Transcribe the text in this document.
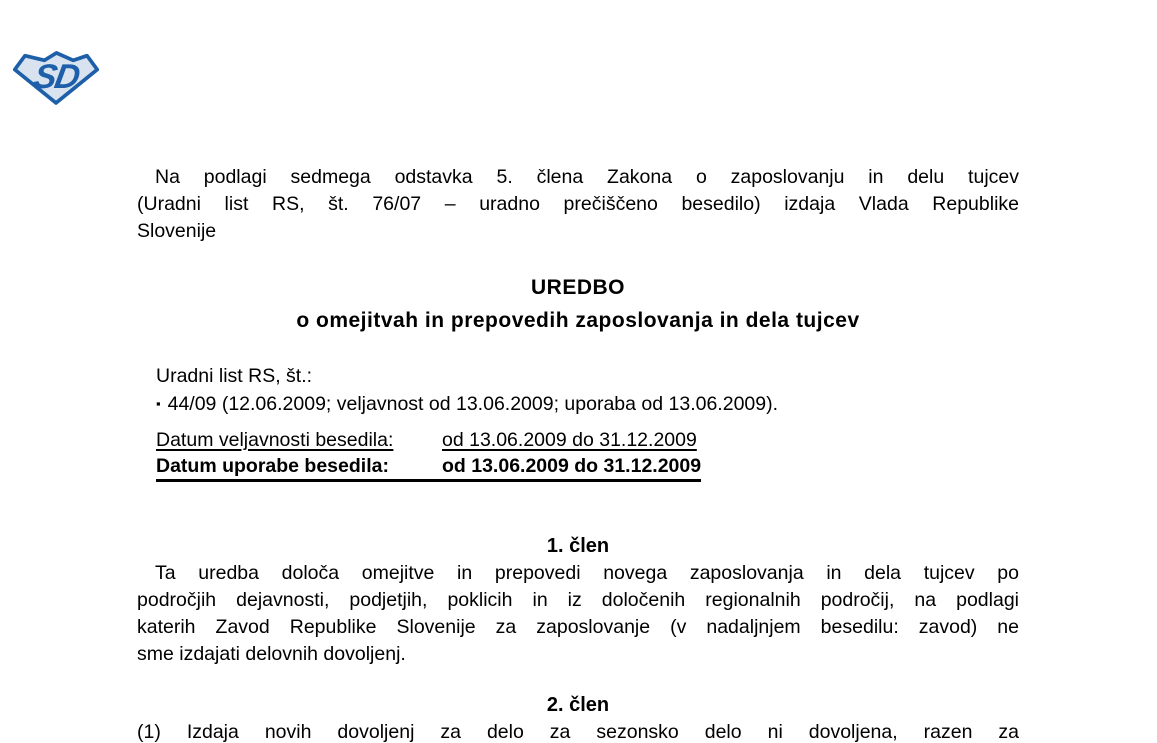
SD
Na podlagi sedmega odstavka 5. člena Zakona o zaposlovanju in delu tujcev
(Uradni list RS, št. 76/07 – uradno prečiščeno besedilo) izdaja Vlada Republike
Slovenije
UREDBO
o omejitvah in prepovedih zaposlovanja in dela tujcev
Uradni list RS, št.:
▪ 44/09 (12.06.2009; veljavnost od 13.06.2009; uporaba od 13.06.2009).
Datum veljavnosti besedila: od 13.06.2009 do 31.12.2009
Datum uporabe besedila:	od 13.06.2009 do 31.12.2009
1. člen
Ta uredba določa omejitve in prepovedi novega zaposlovanja in dela tujcev po
področjih dejavnosti, podjetjih, poklicih in iz določenih regionalnih področij, na podlagi
katerih Zavod Republike Slovenije za zaposlovanje (v nadaljnjem besedilu: zavod) ne
sme izdajati delovnih dovoljenj.
2. člen
(1) Izdaja novih dovoljenj za delo za sezonsko delo ni dovoljena, razen za
